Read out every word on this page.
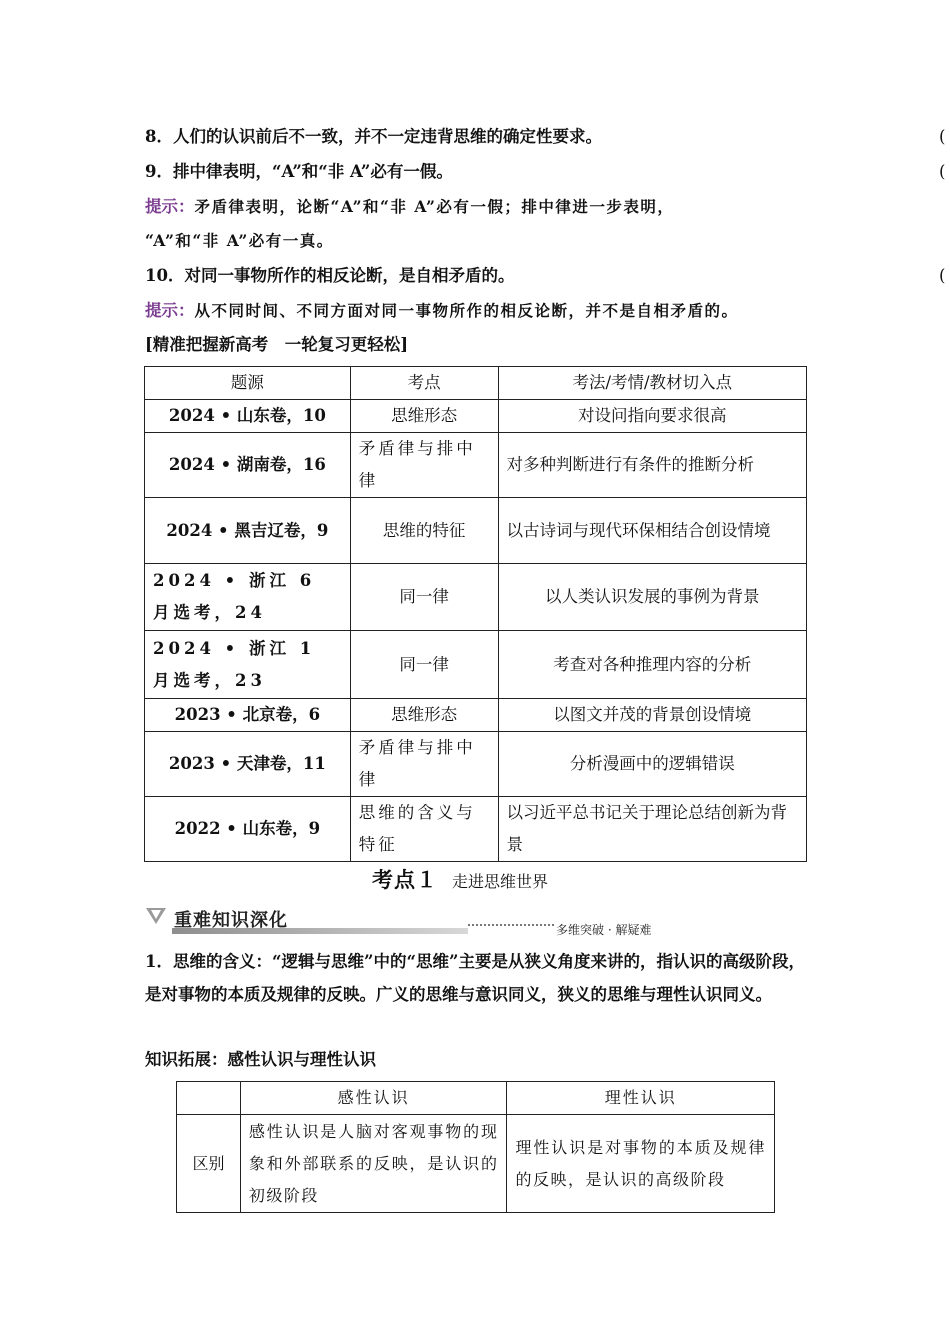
8．人们的认识前后不一致，并不一定违背思维的确定性要求。	(
9．排中律表明，“A”和“非 A”必有一假。	(
提示：矛盾律表明，论断“A”和“非 A”必有一假；排中律进一步表明，
“A”和“非 A”必有一真。
10．对同一事物所作的相反论断，是自相矛盾的。	(
提示：从不同时间、不同方面对同一事物所作的相反论断，并不是自相矛盾的。
[精准把握新高考　一轮复习更轻松]
题源	考点	考法/考情/教材切入点
2024 • 山东卷，10	思维形态	对设问指向要求很高
2024 • 湖南卷，16	矛盾律与排中律	对多种判断进行有条件的推断分析
2024 • 黑吉辽卷，9	思维的特征	以古诗词与现代环保相结合创设情境
2024 • 浙江 6 月选考，24	同一律	以人类认识发展的事例为背景
2024 • 浙江 1 月选考，23	同一律	考查对各种推理内容的分析
2023 • 北京卷，6	思维形态	以图文并茂的背景创设情境
2023 • 天津卷，11	矛盾律与排中律	分析漫画中的逻辑错误
2022 • 山东卷，9	思维的含义与特征	以习近平总书记关于理论总结创新为背景
考点１ 走进思维世界
重难知识深化	多维突破 · 解疑难
1．思维的含义：“逻辑与思维”中的“思维”主要是从狭义角度来讲的，指认识的高级阶段，是对事物的本质及规律的反映。广义的思维与意识同义，狭义的思维与理性认识同义。
知识拓展：感性认识与理性认识
	感性认识	理性认识
区别	感性认识是人脑对客观事物的现象和外部联系的反映，是认识的初级阶段	理性认识是对事物的本质及规律的反映，是认识的高级阶段
